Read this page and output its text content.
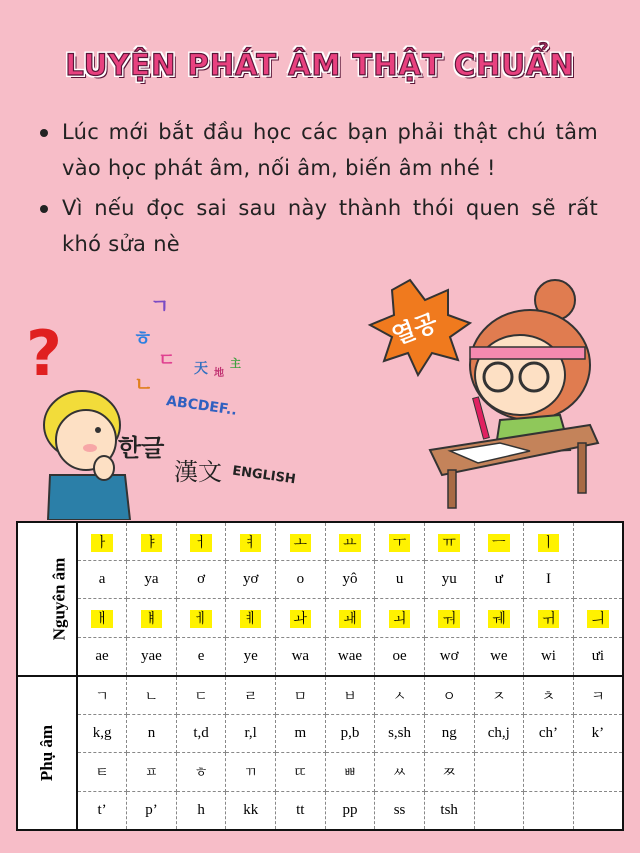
LUYỆN PHÁT ÂM THẬT CHUẨN
Lúc mới bắt đầu học các bạn phải thật chú tâm vào học phát âm, nối âm, biến âm nhé !
Vì nếu đọc sai sau này thành thói quen sẽ rất khó sửa nè
?
ㄱ
ㅎ
ㄷ
ㄴ
天 地
主
ABCDEF..
한글
漢文 ENGLISH
열공
Nguyên âm	ㅏ	ㅑ	ㅓ	ㅕ	ㅗ	ㅛ	ㅜ	ㅠ	ㅡ	ㅣ	
	a	ya	ơ	yơ	o	yô	u	yu	ư	I	
	ㅐ	ㅒ	ㅔ	ㅖ	ㅘ	ㅙ	ㅚ	ㅝ	ㅞ	ㅟ	ㅢ
	ae	yae	e	ye	wa	wae	oe	wơ	we	wi	ưi
Phụ âm	ㄱ	ㄴ	ㄷ	ㄹ	ㅁ	ㅂ	ㅅ	ㅇ	ㅈ	ㅊ	ㅋ
	k,g	n	t,d	r,l	m	p,b	s,sh	ng	ch,j	ch’	k’
	ㅌ	ㅍ	ㅎ	ㄲ	ㄸ	ㅃ	ㅆ	ㅉ			
	t’	p’	h	kk	tt	pp	ss	tsh			
